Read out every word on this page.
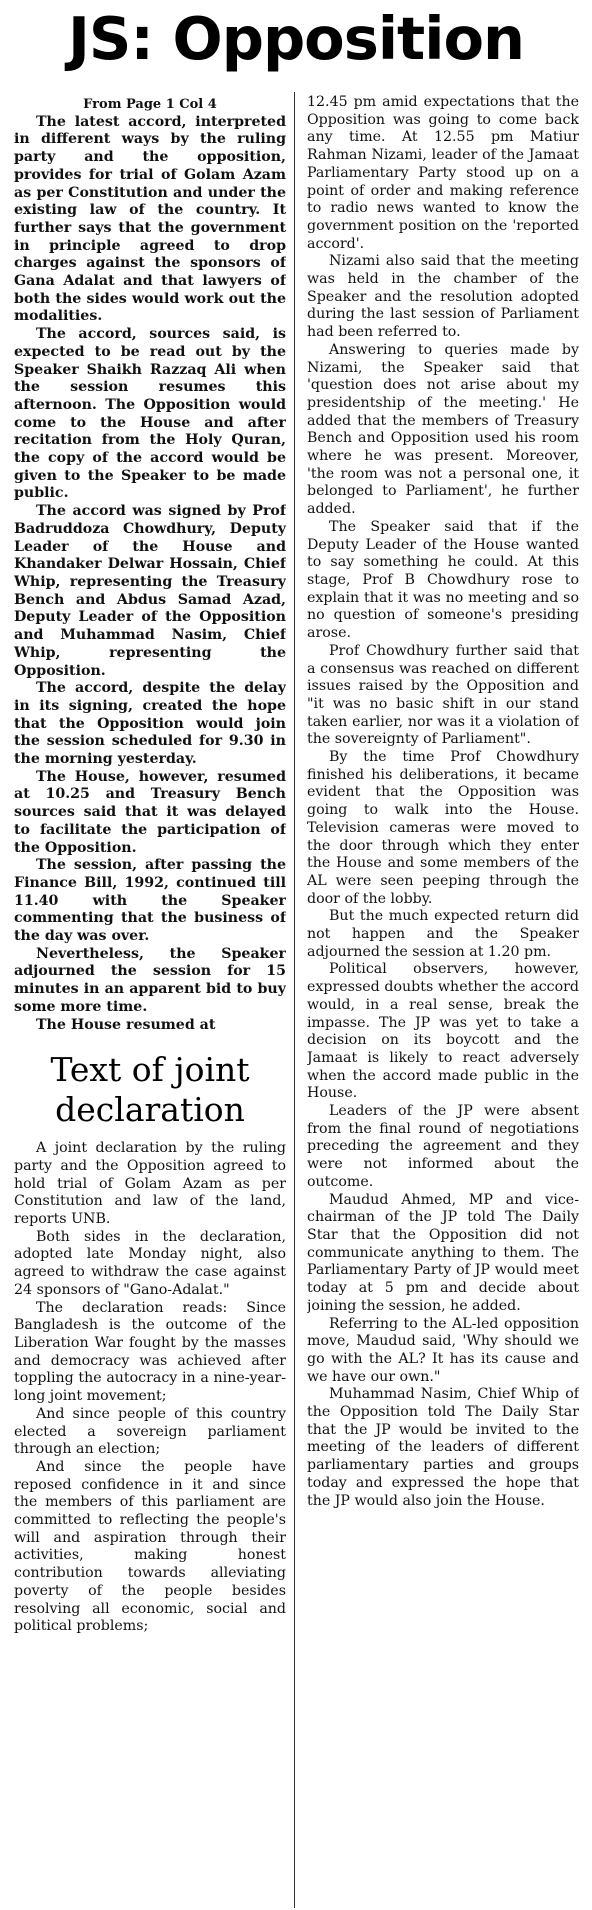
JS: Opposition

From Page 1 Col 4

The latest accord, interpreted in different ways by the ruling party and the opposition, provides for trial of Golam Azam as per Constitution and under the existing law of the country. It further says that the government in principle agreed to drop charges against the sponsors of Gana Adalat and that lawyers of both the sides would work out the modalities.

The accord, sources said, is expected to be read out by the Speaker Shaikh Razzaq Ali when the session resumes this afternoon. The Opposition would come to the House and after recitation from the Holy Quran, the copy of the accord would be given to the Speaker to be made public.

The accord was signed by Prof Badruddoza Chowdhury, Deputy Leader of the House and Khandaker Delwar Hossain, Chief Whip, representing the Treasury Bench and Abdus Samad Azad, Deputy Leader of the Opposition and Muhammad Nasim, Chief Whip, representing the Opposition.

The accord, despite the delay in its signing, created the hope that the Opposition would join the session scheduled for 9.30 in the morning yesterday.

The House, however, resumed at 10.25 and Treasury Bench sources said that it was delayed to facilitate the participation of the Opposition.

The session, after passing the Finance Bill, 1992, continued till 11.40 with the Speaker commenting that the business of the day was over.

Nevertheless, the Speaker adjourned the session for 15 minutes in an apparent bid to buy some more time.

The House resumed at

Text of joint declaration

A joint declaration by the ruling party and the Opposition agreed to hold trial of Golam Azam as per Constitution and law of the land, reports UNB.

Both sides in the declaration, adopted late Monday night, also agreed to withdraw the case against 24 sponsors of "Gano-Adalat."

The declaration reads: Since Bangladesh is the outcome of the Liberation War fought by the masses and democracy was achieved after toppling the autocracy in a nine-year-long joint movement;

And since people of this country elected a sovereign parliament through an election;

And since the people have reposed confidence in it and since the members of this parliament are committed to reflecting the people's will and aspiration through their activities, making honest contribution towards alleviating poverty of the people besides resolving all economic, social and political problems;

12.45 pm amid expectations that the Opposition was going to come back any time. At 12.55 pm Matiur Rahman Nizami, leader of the Jamaat Parliamentary Party stood up on a point of order and making reference to radio news wanted to know the government position on the 'reported accord'.

Nizami also said that the meeting was held in the chamber of the Speaker and the resolution adopted during the last session of Parliament had been referred to.

Answering to queries made by Nizami, the Speaker said that 'question does not arise about my presidentship of the meeting.' He added that the members of Treasury Bench and Opposition used his room where he was present. Moreover, 'the room was not a personal one, it belonged to Parliament', he further added.

The Speaker said that if the Deputy Leader of the House wanted to say something he could. At this stage, Prof B Chowdhury rose to explain that it was no meeting and so no question of someone's presiding arose.

Prof Chowdhury further said that a consensus was reached on different issues raised by the Opposition and "it was no basic shift in our stand taken earlier, nor was it a violation of the sovereignty of Parliament".

By the time Prof Chowdhury finished his deliberations, it became evident that the Opposition was going to walk into the House. Television cameras were moved to the door through which they enter the House and some members of the AL were seen peeping through the door of the lobby.

But the much expected return did not happen and the Speaker adjourned the session at 1.20 pm.

Political observers, however, expressed doubts whether the accord would, in a real sense, break the impasse. The JP was yet to take a decision on its boycott and the Jamaat is likely to react adversely when the accord made public in the House.

Leaders of the JP were absent from the final round of negotiations preceding the agreement and they were not informed about the outcome.

Maudud Ahmed, MP and vice-chairman of the JP told The Daily Star that the Opposition did not communicate anything to them. The Parliamentary Party of JP would meet today at 5 pm and decide about joining the session, he added.

Referring to the AL-led opposition move, Maudud said, 'Why should we go with the AL? It has its cause and we have our own."

Muhammad Nasim, Chief Whip of the Opposition told The Daily Star that the JP would be invited to the meeting of the leaders of different parliamentary parties and groups today and expressed the hope that the JP would also join the House.
